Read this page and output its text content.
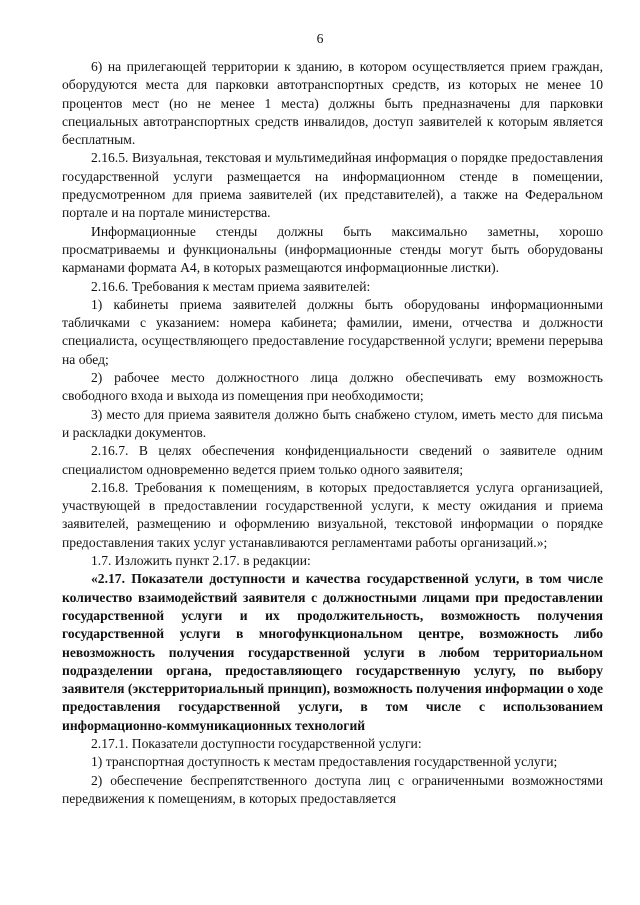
6

6) на прилегающей территории к зданию, в котором осуществляется прием граждан, оборудуются места для парковки автотранспортных средств, из которых не менее 10 процентов мест (но не менее 1 места) должны быть предназначены для парковки специальных автотранспортных средств инвалидов, доступ заявителей к которым является бесплатным.

2.16.5. Визуальная, текстовая и мультимедийная информация о порядке предоставления государственной услуги размещается на информационном стенде в помещении, предусмотренном для приема заявителей (их представителей), а также на Федеральном портале и на портале министерства.

Информационные стенды должны быть максимально заметны, хорошо просматриваемы и функциональны (информационные стенды могут быть оборудованы карманами формата А4, в которых размещаются информационные листки).

2.16.6. Требования к местам приема заявителей:

1) кабинеты приема заявителей должны быть оборудованы информационными табличками с указанием: номера кабинета; фамилии, имени, отчества и должности специалиста, осуществляющего предоставление государственной услуги; времени перерыва на обед;

2) рабочее место должностного лица должно обеспечивать ему возможность свободного входа и выхода из помещения при необходимости;

3) место для приема заявителя должно быть снабжено стулом, иметь место для письма и раскладки документов.

2.16.7. В целях обеспечения конфиденциальности сведений о заявителе одним специалистом одновременно ведется прием только одного заявителя;

2.16.8. Требования к помещениям, в которых предоставляется услуга организацией, участвующей в предоставлении государственной услуги, к месту ожидания и приема заявителей, размещению и оформлению визуальной, текстовой информации о порядке предоставления таких услуг устанавливаются регламентами работы организаций.»;

1.7. Изложить пункт 2.17. в редакции:

«2.17. Показатели доступности и качества государственной услуги, в том числе количество взаимодействий заявителя с должностными лицами при предоставлении государственной услуги и их продолжительность, возможность получения государственной услуги в многофункциональном центре, возможность либо невозможность получения государственной услуги в любом территориальном подразделении органа, предоставляющего государственную услугу, по выбору заявителя (экстерриториальный принцип), возможность получения информации о ходе предоставления государственной услуги, в том числе с использованием информационно-коммуникационных технологий

2.17.1. Показатели доступности государственной услуги:

1) транспортная доступность к местам предоставления государственной услуги;

2) обеспечение беспрепятственного доступа лиц с ограниченными возможностями передвижения к помещениям, в которых предоставляется
